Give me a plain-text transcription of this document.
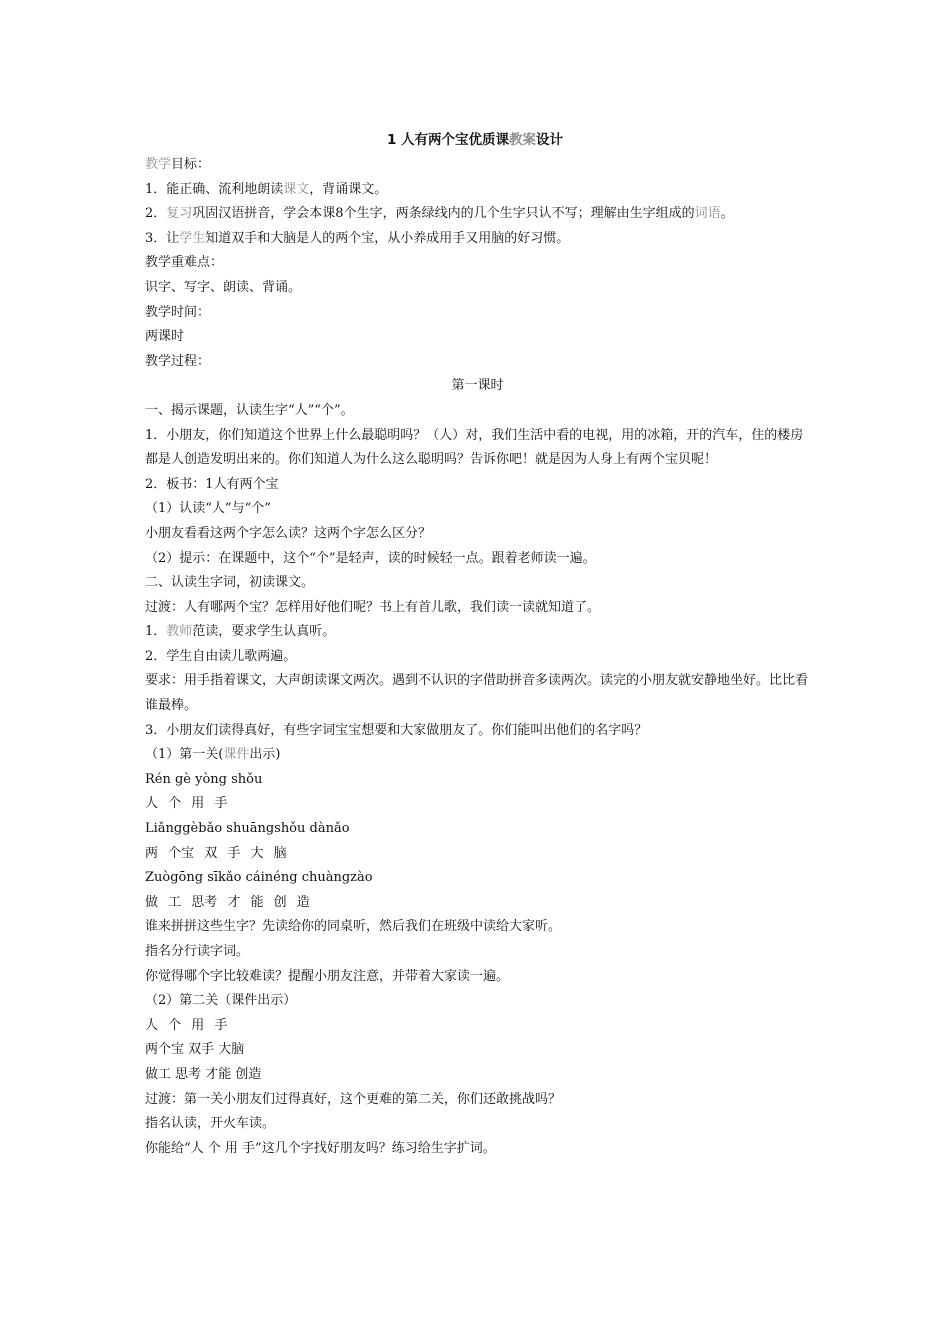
1 人有两个宝优质课教案设计

教学目标：

1．能正确、流利地朗读课文，背诵课文。

2．复习巩固汉语拼音，学会本课8个生字，两条绿线内的几个生字只认不写；理解由生字组成的词语。

3．让学生知道双手和大脑是人的两个宝，从小养成用手又用脑的好习惯。

教学重难点：

识字、写字、朗读、背诵。

教学时间：

两课时

教学过程：

第一课时

一、揭示课题，认读生字“人”“个”。

1．小朋友，你们知道这个世界上什么最聪明吗？（人）对，我们生活中看的电视，用的冰箱，开的汽车，住的楼房都是人创造发明出来的。你们知道人为什么这么聪明吗？告诉你吧！就是因为人身上有两个宝贝呢！

2．板书：1人有两个宝

（1）认读“人”与“个”

小朋友看看这两个字怎么读？这两个字怎么区分？

（2）提示：在课题中，这个“个”是轻声，读的时候轻一点。跟着老师读一遍。

二、认读生字词，初读课文。

过渡：人有哪两个宝？怎样用好他们呢？书上有首儿歌，我们读一读就知道了。

1．教师范读，要求学生认真听。

2．学生自由读儿歌两遍。

要求：用手指着课文，大声朗读课文两次。遇到不认识的字借助拼音多读两次。读完的小朋友就安静地坐好。比比看谁最棒。

3．小朋友们读得真好，有些字词宝宝想要和大家做朋友了。你们能叫出他们的名字吗？

（1）第一关(课件出示)

Rén gè yòng shǒu

人 个 用 手

Liǎnggèbǎo shuāngshǒu dànǎo

两 个宝 双 手 大 脑

Zuògōng sīkǎo cáinéng chuàngzào

做 工 思考 才 能 创 造

谁来拼拼这些生字？先读给你的同桌听，然后我们在班级中读给大家听。

指名分行读字词。

你觉得哪个字比较难读？提醒小朋友注意，并带着大家读一遍。

（2）第二关（课件出示）

人 个 用 手

两个宝 双手 大脑

做工 思考 才能 创造

过渡：第一关小朋友们过得真好，这个更难的第二关，你们还敢挑战吗？

指名认读，开火车读。

你能给“人 个 用 手”这几个字找好朋友吗？练习给生字扩词。
